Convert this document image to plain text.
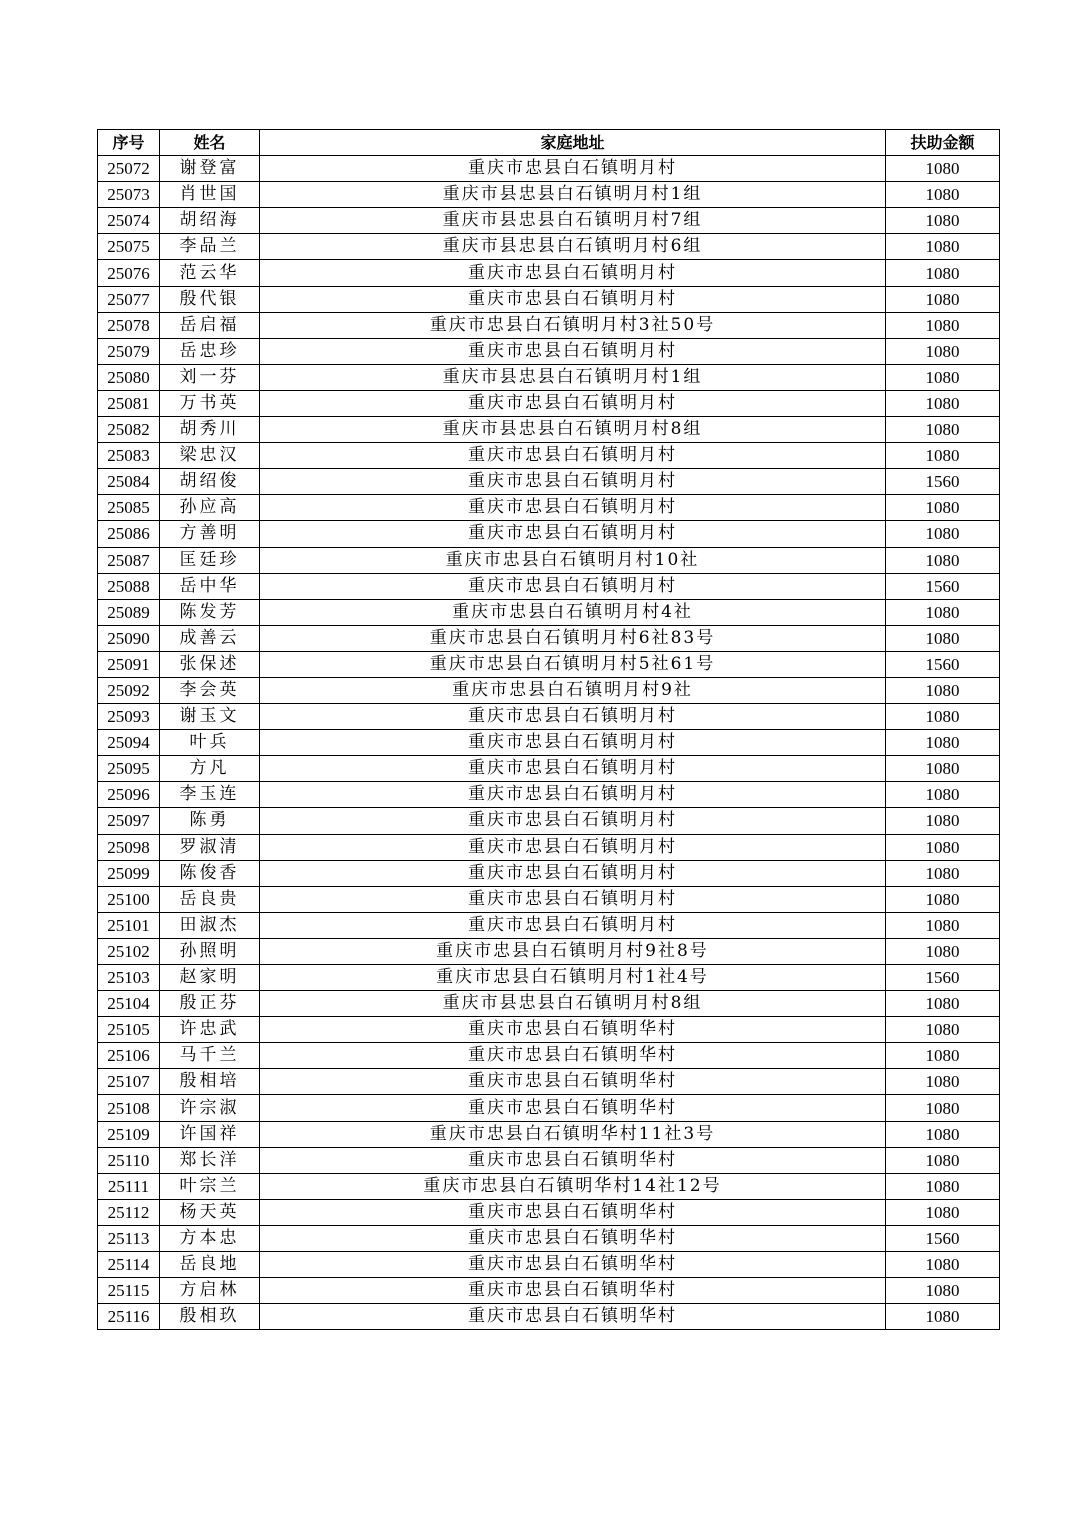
序号	姓名	家庭地址	扶助金额
25072	谢登富	重庆市忠县白石镇明月村	1080
25073	肖世国	重庆市县忠县白石镇明月村1组	1080
25074	胡绍海	重庆市县忠县白石镇明月村7组	1080
25075	李品兰	重庆市县忠县白石镇明月村6组	1080
25076	范云华	重庆市忠县白石镇明月村	1080
25077	殷代银	重庆市忠县白石镇明月村	1080
25078	岳启福	重庆市忠县白石镇明月村3社50号	1080
25079	岳忠珍	重庆市忠县白石镇明月村	1080
25080	刘一芬	重庆市县忠县白石镇明月村1组	1080
25081	万书英	重庆市忠县白石镇明月村	1080
25082	胡秀川	重庆市县忠县白石镇明月村8组	1080
25083	梁忠汉	重庆市忠县白石镇明月村	1080
25084	胡绍俊	重庆市忠县白石镇明月村	1560
25085	孙应高	重庆市忠县白石镇明月村	1080
25086	方善明	重庆市忠县白石镇明月村	1080
25087	匡廷珍	重庆市忠县白石镇明月村10社	1080
25088	岳中华	重庆市忠县白石镇明月村	1560
25089	陈发芳	重庆市忠县白石镇明月村4社	1080
25090	成善云	重庆市忠县白石镇明月村6社83号	1080
25091	张保述	重庆市忠县白石镇明月村5社61号	1560
25092	李会英	重庆市忠县白石镇明月村9社	1080
25093	谢玉文	重庆市忠县白石镇明月村	1080
25094	叶兵	重庆市忠县白石镇明月村	1080
25095	方凡	重庆市忠县白石镇明月村	1080
25096	李玉连	重庆市忠县白石镇明月村	1080
25097	陈勇	重庆市忠县白石镇明月村	1080
25098	罗淑清	重庆市忠县白石镇明月村	1080
25099	陈俊香	重庆市忠县白石镇明月村	1080
25100	岳良贵	重庆市忠县白石镇明月村	1080
25101	田淑杰	重庆市忠县白石镇明月村	1080
25102	孙照明	重庆市忠县白石镇明月村9社8号	1080
25103	赵家明	重庆市忠县白石镇明月村1社4号	1560
25104	殷正芬	重庆市县忠县白石镇明月村8组	1080
25105	许忠武	重庆市忠县白石镇明华村	1080
25106	马千兰	重庆市忠县白石镇明华村	1080
25107	殷相培	重庆市忠县白石镇明华村	1080
25108	许宗淑	重庆市忠县白石镇明华村	1080
25109	许国祥	重庆市忠县白石镇明华村11社3号	1080
25110	郑长洋	重庆市忠县白石镇明华村	1080
25111	叶宗兰	重庆市忠县白石镇明华村14社12号	1080
25112	杨天英	重庆市忠县白石镇明华村	1080
25113	方本忠	重庆市忠县白石镇明华村	1560
25114	岳良地	重庆市忠县白石镇明华村	1080
25115	方启林	重庆市忠县白石镇明华村	1080
25116	殷相玖	重庆市忠县白石镇明华村	1080
